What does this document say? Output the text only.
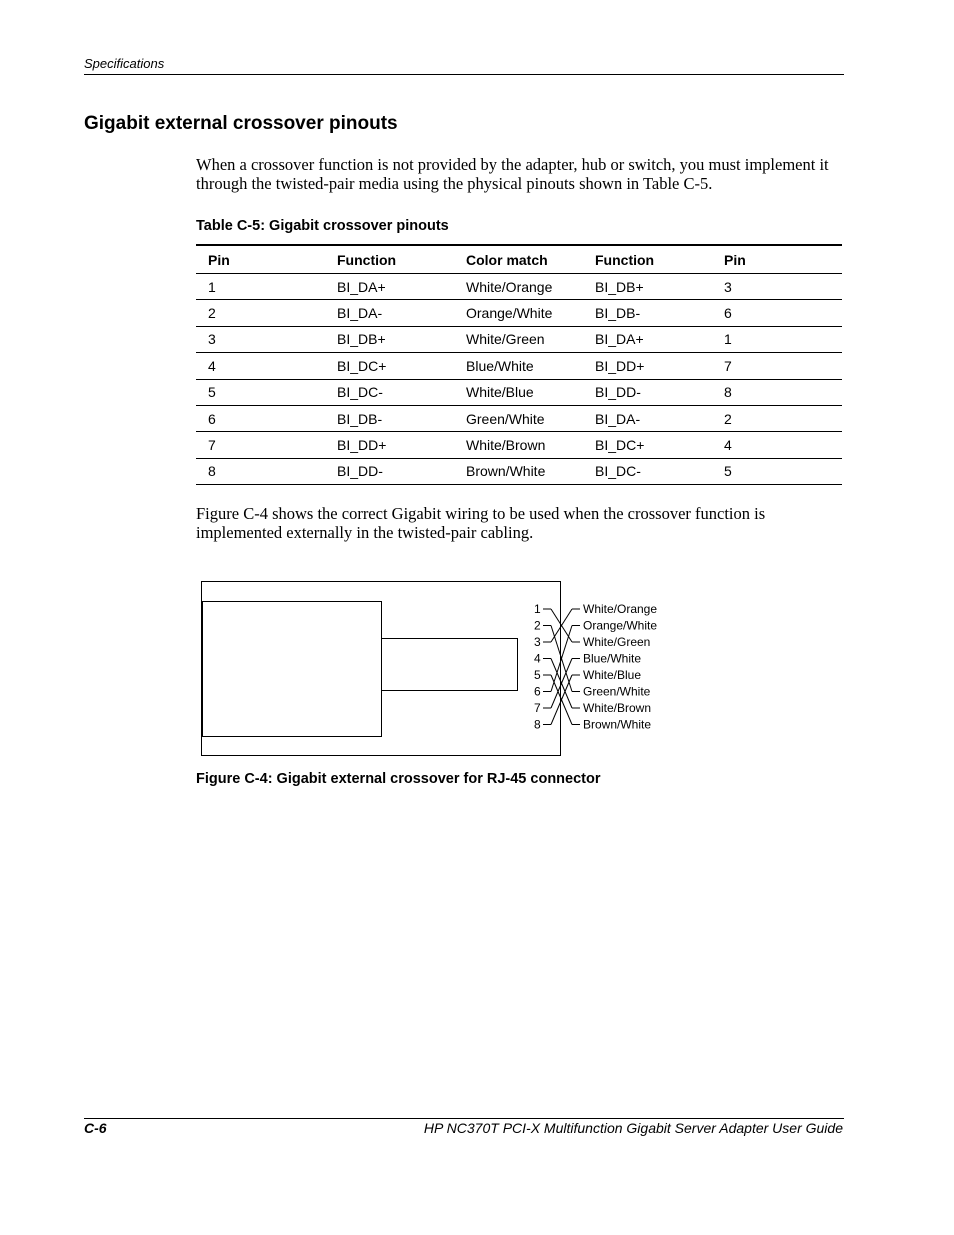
Specifications
Gigabit external crossover pinouts

When a crossover function is not provided by the adapter, hub or switch, you must implement it through the twisted-pair media using the physical pinouts shown in Table C-5.

Table C-5: Gigabit crossover pinouts
Pin	Function	Color match	Function	Pin
1	BI_DA+	White/Orange	BI_DB+	3
2	BI_DA-	Orange/White	BI_DB-	6
3	BI_DB+	White/Green	BI_DA+	1
4	BI_DC+	Blue/White	BI_DD+	7
5	BI_DC-	White/Blue	BI_DD-	8
6	BI_DB-	Green/White	BI_DA-	2
7	BI_DD+	White/Brown	BI_DC+	4
8	BI_DD-	Brown/White	BI_DC-	5

Figure C-4 shows the correct Gigabit wiring to be used when the crossover function is implemented externally in the twisted-pair cabling.

1	White/Orange
2	Orange/White
3	White/Green
4	Blue/White
5	White/Blue
6	Green/White
7	White/Brown
8	Brown/White
Figure C-4: Gigabit external crossover for RJ-45 connector
C-6	HP NC370T PCI-X Multifunction Gigabit Server Adapter User Guide
